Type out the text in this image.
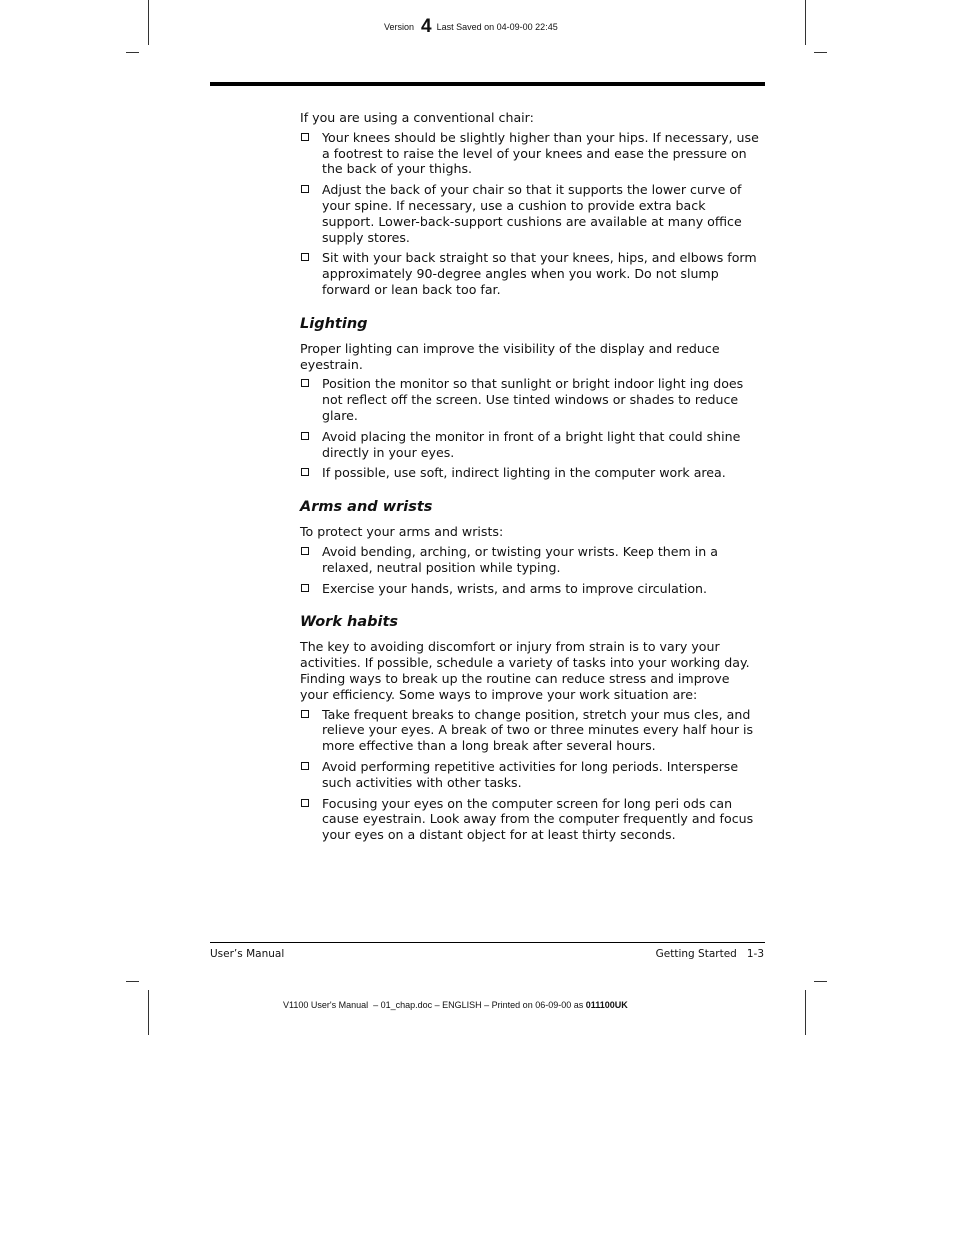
Version 4 Last Saved on 04-09-00 22:45

If you are using a conventional chair:

Your knees should be slightly higher than your hips. If necessary, use a footrest to raise the level of your knees and ease the pressure on the back of your thighs.
Adjust the back of your chair so that it supports the lower curve of your spine. If necessary, use a cushion to provide extra back support. Lower-back-support cushions are available at many office supply stores.
Sit with your back straight so that your knees, hips, and elbows form approximately 90-degree angles when you work. Do not slump forward or lean back too far.
Lighting

Proper lighting can improve the visibility of the display and reduce eyestrain.

Position the monitor so that sunlight or bright indoor light ing does not reflect off the screen. Use tinted windows or shades to reduce glare.
Avoid placing the monitor in front of a bright light that could shine directly in your eyes.
If possible, use soft, indirect lighting in the computer work area.
Arms and wrists

To protect your arms and wrists:

Avoid bending, arching, or twisting your wrists. Keep them in a relaxed, neutral position while typing.
Exercise your hands, wrists, and arms to improve circulation.
Work habits

The key to avoiding discomfort or injury from strain is to vary your activities. If possible, schedule a variety of tasks into your working day. Finding ways to break up the routine can reduce stress and improve your efficiency. Some ways to improve your work situation are:

Take frequent breaks to change position, stretch your mus cles, and relieve your eyes. A break of two or three minutes every half hour is more effective than a long break after several hours.
Avoid performing repetitive activities for long periods. Intersperse such activities with other tasks.
Focusing your eyes on the computer screen for long peri ods can cause eyestrain. Look away from the computer frequently and focus your eyes on a distant object for at least thirty seconds.
User’s Manual	Getting Started   1-3
V1100 User's Manual  – 01_chap.doc – ENGLISH – Printed on 06-09-00 as 011100UK
